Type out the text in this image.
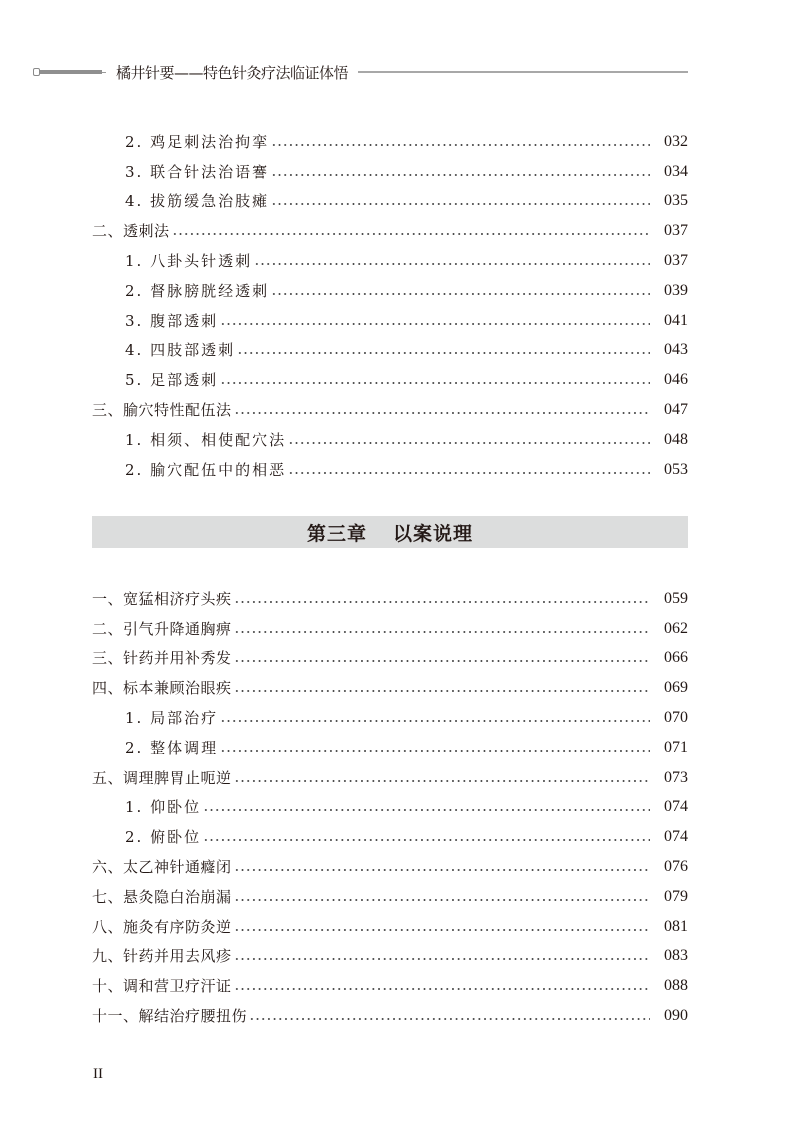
橘井针要——特色针灸疗法临证体悟
2. 鸡足刺法治拘挛	032
3. 联合针法治语謇	034
4. 拔筋缓急治肢瘫	035
二、透刺法	037
1. 八卦头针透刺	037
2. 督脉膀胱经透刺	039
3. 腹部透刺	041
4. 四肢部透刺	043
5. 足部透刺	046
三、腧穴特性配伍法	047
1. 相须、相使配穴法	048
2. 腧穴配伍中的相恶	053
第三章 以案说理
一、宽猛相济疗头疾	059
二、引气升降通胸痹	062
三、针药并用补秀发	066
四、标本兼顾治眼疾	069
1. 局部治疗	070
2. 整体调理	071
五、调理脾胃止呃逆	073
1. 仰卧位	074
2. 俯卧位	074
六、太乙神针通癃闭	076
七、悬灸隐白治崩漏	079
八、施灸有序防灸逆	081
九、针药并用去风疹	083
十、调和营卫疗汗证	088
十一、解结治疗腰扭伤	090
II
